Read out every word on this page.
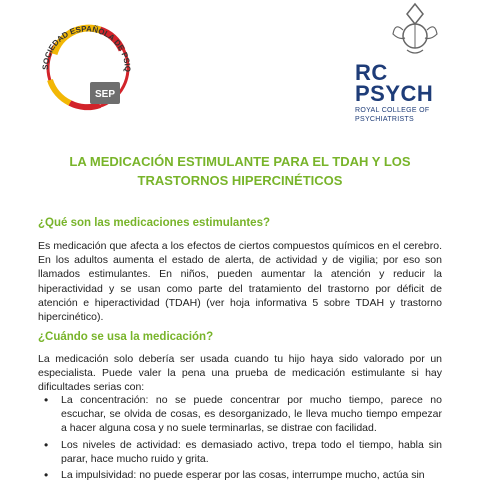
SOCIEDAD ESPAÑOLA DE PSIQ
SEP
RC
PSYCH
ROYAL COLLEGE OF
PSYCHIATRISTS
LA MEDICACIÓN ESTIMULANTE PARA EL TDAH Y LOS
TRASTORNOS HIPERCINÉTICOS
¿Qué son las medicaciones estimulantes?

Es medicación que afecta a los efectos de ciertos compuestos químicos en el cerebro. En los adultos aumenta el estado de alerta, de actividad y de vigilia; por eso son llamados estimulantes. En niños, pueden aumentar la atención y reducir la hiperactividad y se usan como parte del tratamiento del trastorno por déficit de atención e hiperactividad (TDAH) (ver hoja informativa 5 sobre TDAH y trastorno hipercinético).

¿Cuándo se usa la medicación?

La medicación solo debería ser usada cuando tu hijo haya sido valorado por un especialista. Puede valer la pena una prueba de medicación estimulante si hay dificultades serias con:

• La concentración: no se puede concentrar por mucho tiempo, parece no escuchar, se olvida de cosas, es desorganizado, le lleva mucho tiempo empezar a hacer alguna cosa y no suele terminarlas, se distrae con facilidad.
• Los niveles de actividad: es demasiado activo, trepa todo el tiempo, habla sin parar, hace mucho ruido y grita.
• La impulsividad: no puede esperar por las cosas, interrumpe mucho, actúa sin
